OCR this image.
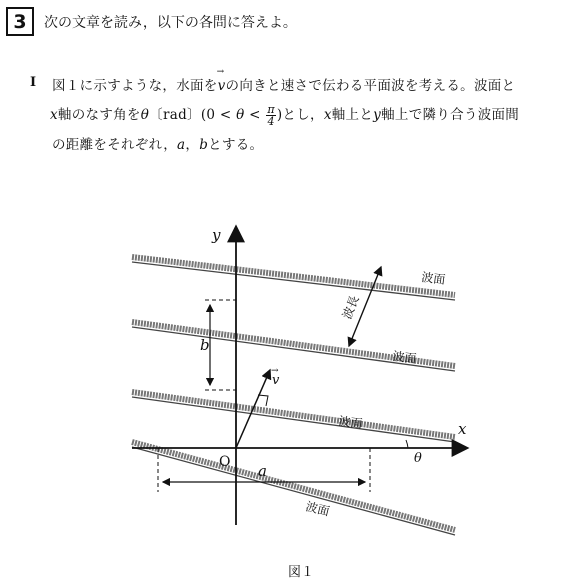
3 次の文章を読み，以下の各問に答えよ。
I 図１に示すような，水面を→ vの向きと速さで伝わる平面波を考える。波面と
x軸のなす角をθ〔rad〕($0 < \theta < \frac{\pi}{4}$ )とし，x軸上とy軸上で隣り合う波面間
の距離をそれぞれ，a，bとする。
y
x
O a
b
v
→
θ
波面
波面
波面
波面
波長
図１
